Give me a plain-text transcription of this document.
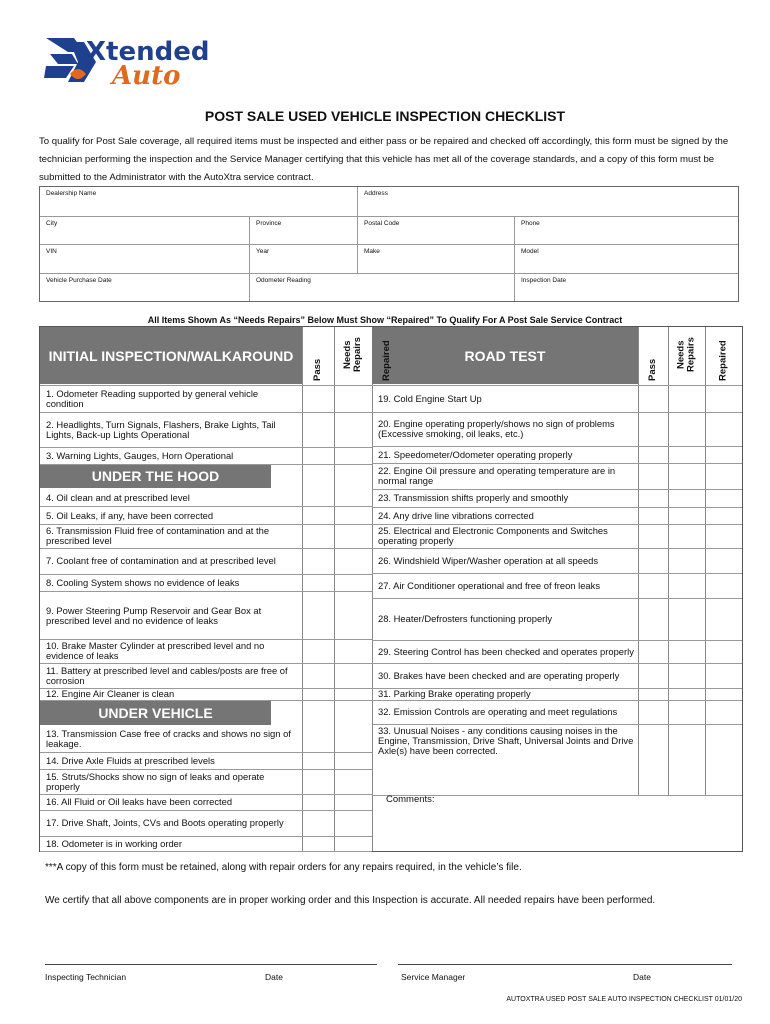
Xtended
Auto
POST SALE USED VEHICLE INSPECTION CHECKLIST
To qualify for Post Sale coverage, all required items must be inspected and either pass or be repaired and checked off accordingly, this form must be signed by the technician performing the inspection and the Service Manager certifying that this vehicle has met all of the coverage standards, and a copy of this form must be submitted to the Administrator with the AutoXtra service contract.
Dealership Name	Address
City	Province	Postal Code	Phone
VIN	Year	Make	Model
Vehicle Purchase Date	Odometer Reading	Inspection Date
All Items Shown As “Needs Repairs” Below Must Show “Repaired” To Qualify For A Post Sale Service Contract
INITIAL INSPECTION/WALKAROUND	ROAD TEST
UNDER THE HOOD
UNDER VEHICLE
Pass
Needs Repairs	Repaired	Pass
Needs Repairs	Repaired
1. Odometer Reading supported by general vehicle condition
2. Headlights, Turn Signals, Flashers, Brake Lights, Tail Lights, Back-up Lights Operational
3. Warning Lights, Gauges, Horn Operational
4. Oil clean and at prescribed level
5. Oil Leaks, if any, have been corrected
6. Transmission Fluid free of contamination and at the prescribed level
7. Coolant free of contamination and at prescribed level
8. Cooling System shows no evidence of leaks
9. Power Steering Pump Reservoir and Gear Box at prescribed level and no evidence of leaks
10. Brake Master Cylinder at prescribed level and no evidence of leaks
11. Battery at prescribed level and cables/posts are free of corrosion
12. Engine Air Cleaner is clean
13. Transmission Case free of cracks and shows no sign of leakage.
14. Drive Axle Fluids at prescribed levels
15. Struts/Shocks show no sign of leaks and operate properly
16. All Fluid or Oil leaks have been corrected
17. Drive Shaft, Joints, CVs and Boots operating properly
18. Odometer is in working order
19. Cold Engine Start Up
20. Engine operating properly/shows no sign of problems (Excessive smoking, oil leaks, etc.)
21. Speedometer/Odometer operating properly
22. Engine Oil pressure and operating temperature are in normal range
23. Transmission shifts properly and smoothly
24. Any drive line vibrations corrected
25. Electrical and Electronic Components and Switches operating properly
26. Windshield Wiper/Washer operation at all speeds
27. Air Conditioner operational and free of freon leaks
28. Heater/Defrosters functioning properly
29. Steering Control has been checked and operates properly
30. Brakes have been checked and are operating properly
31. Parking Brake operating properly
32. Emission Controls are operating and meet regulations
33. Unusual Noises - any conditions causing noises in the Engine, Transmission, Drive Shaft, Universal Joints and Drive Axle(s) have been corrected.
Comments:
***A copy of this form must be retained, along with repair orders for any repairs required, in the vehicle’s file.
We certify that all above components are in proper working order and this Inspection is accurate. All needed repairs have been performed.
Inspecting Technician	Date	Service Manager	Date
AUTOXTRA USED POST SALE AUTO INSPECTION CHECKLIST 01/01/20
